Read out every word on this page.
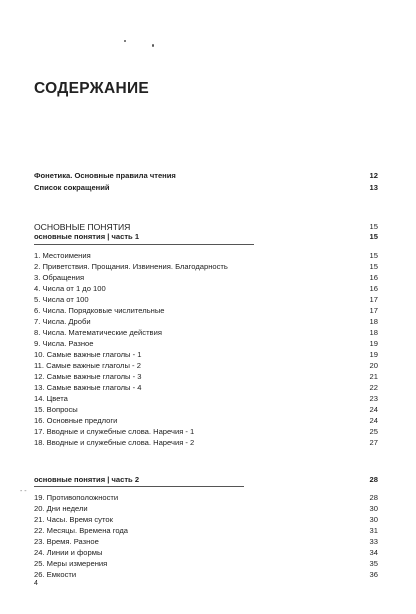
СОДЕРЖАНИЕ
Фонетика. Основные правила чтения	12
Список сокращений	13
ОСНОВНЫЕ ПОНЯТИЯ	15
основные понятия | часть 1	15
1. Местоимения	15
2. Приветствия. Прощания. Извинения. Благодарность	15
3. Обращения	16
4. Числа от 1 до 100	16
5. Числа от 100	17
6. Числа. Порядковые числительные	17
7. Числа. Дроби	18
8. Числа. Математические действия	18
9. Числа. Разное	19
10. Самые важные глаголы - 1	19
11. Самые важные глаголы - 2	20
12. Самые важные глаголы - 3	21
13. Самые важные глаголы - 4	22
14. Цвета	23
15. Вопросы	24
16. Основные предлоги	24
17. Вводные и служебные слова. Наречия - 1	25
18. Вводные и служебные слова. Наречия - 2	27
основные понятия | часть 2	28
- -
19. Противоположности	28
20. Дни недели	30
21. Часы. Время суток	30
22. Месяцы. Времена года	31
23. Время. Разное	33
24. Линии и формы	34
25. Меры измерения	35
26. Емкости	36
4
